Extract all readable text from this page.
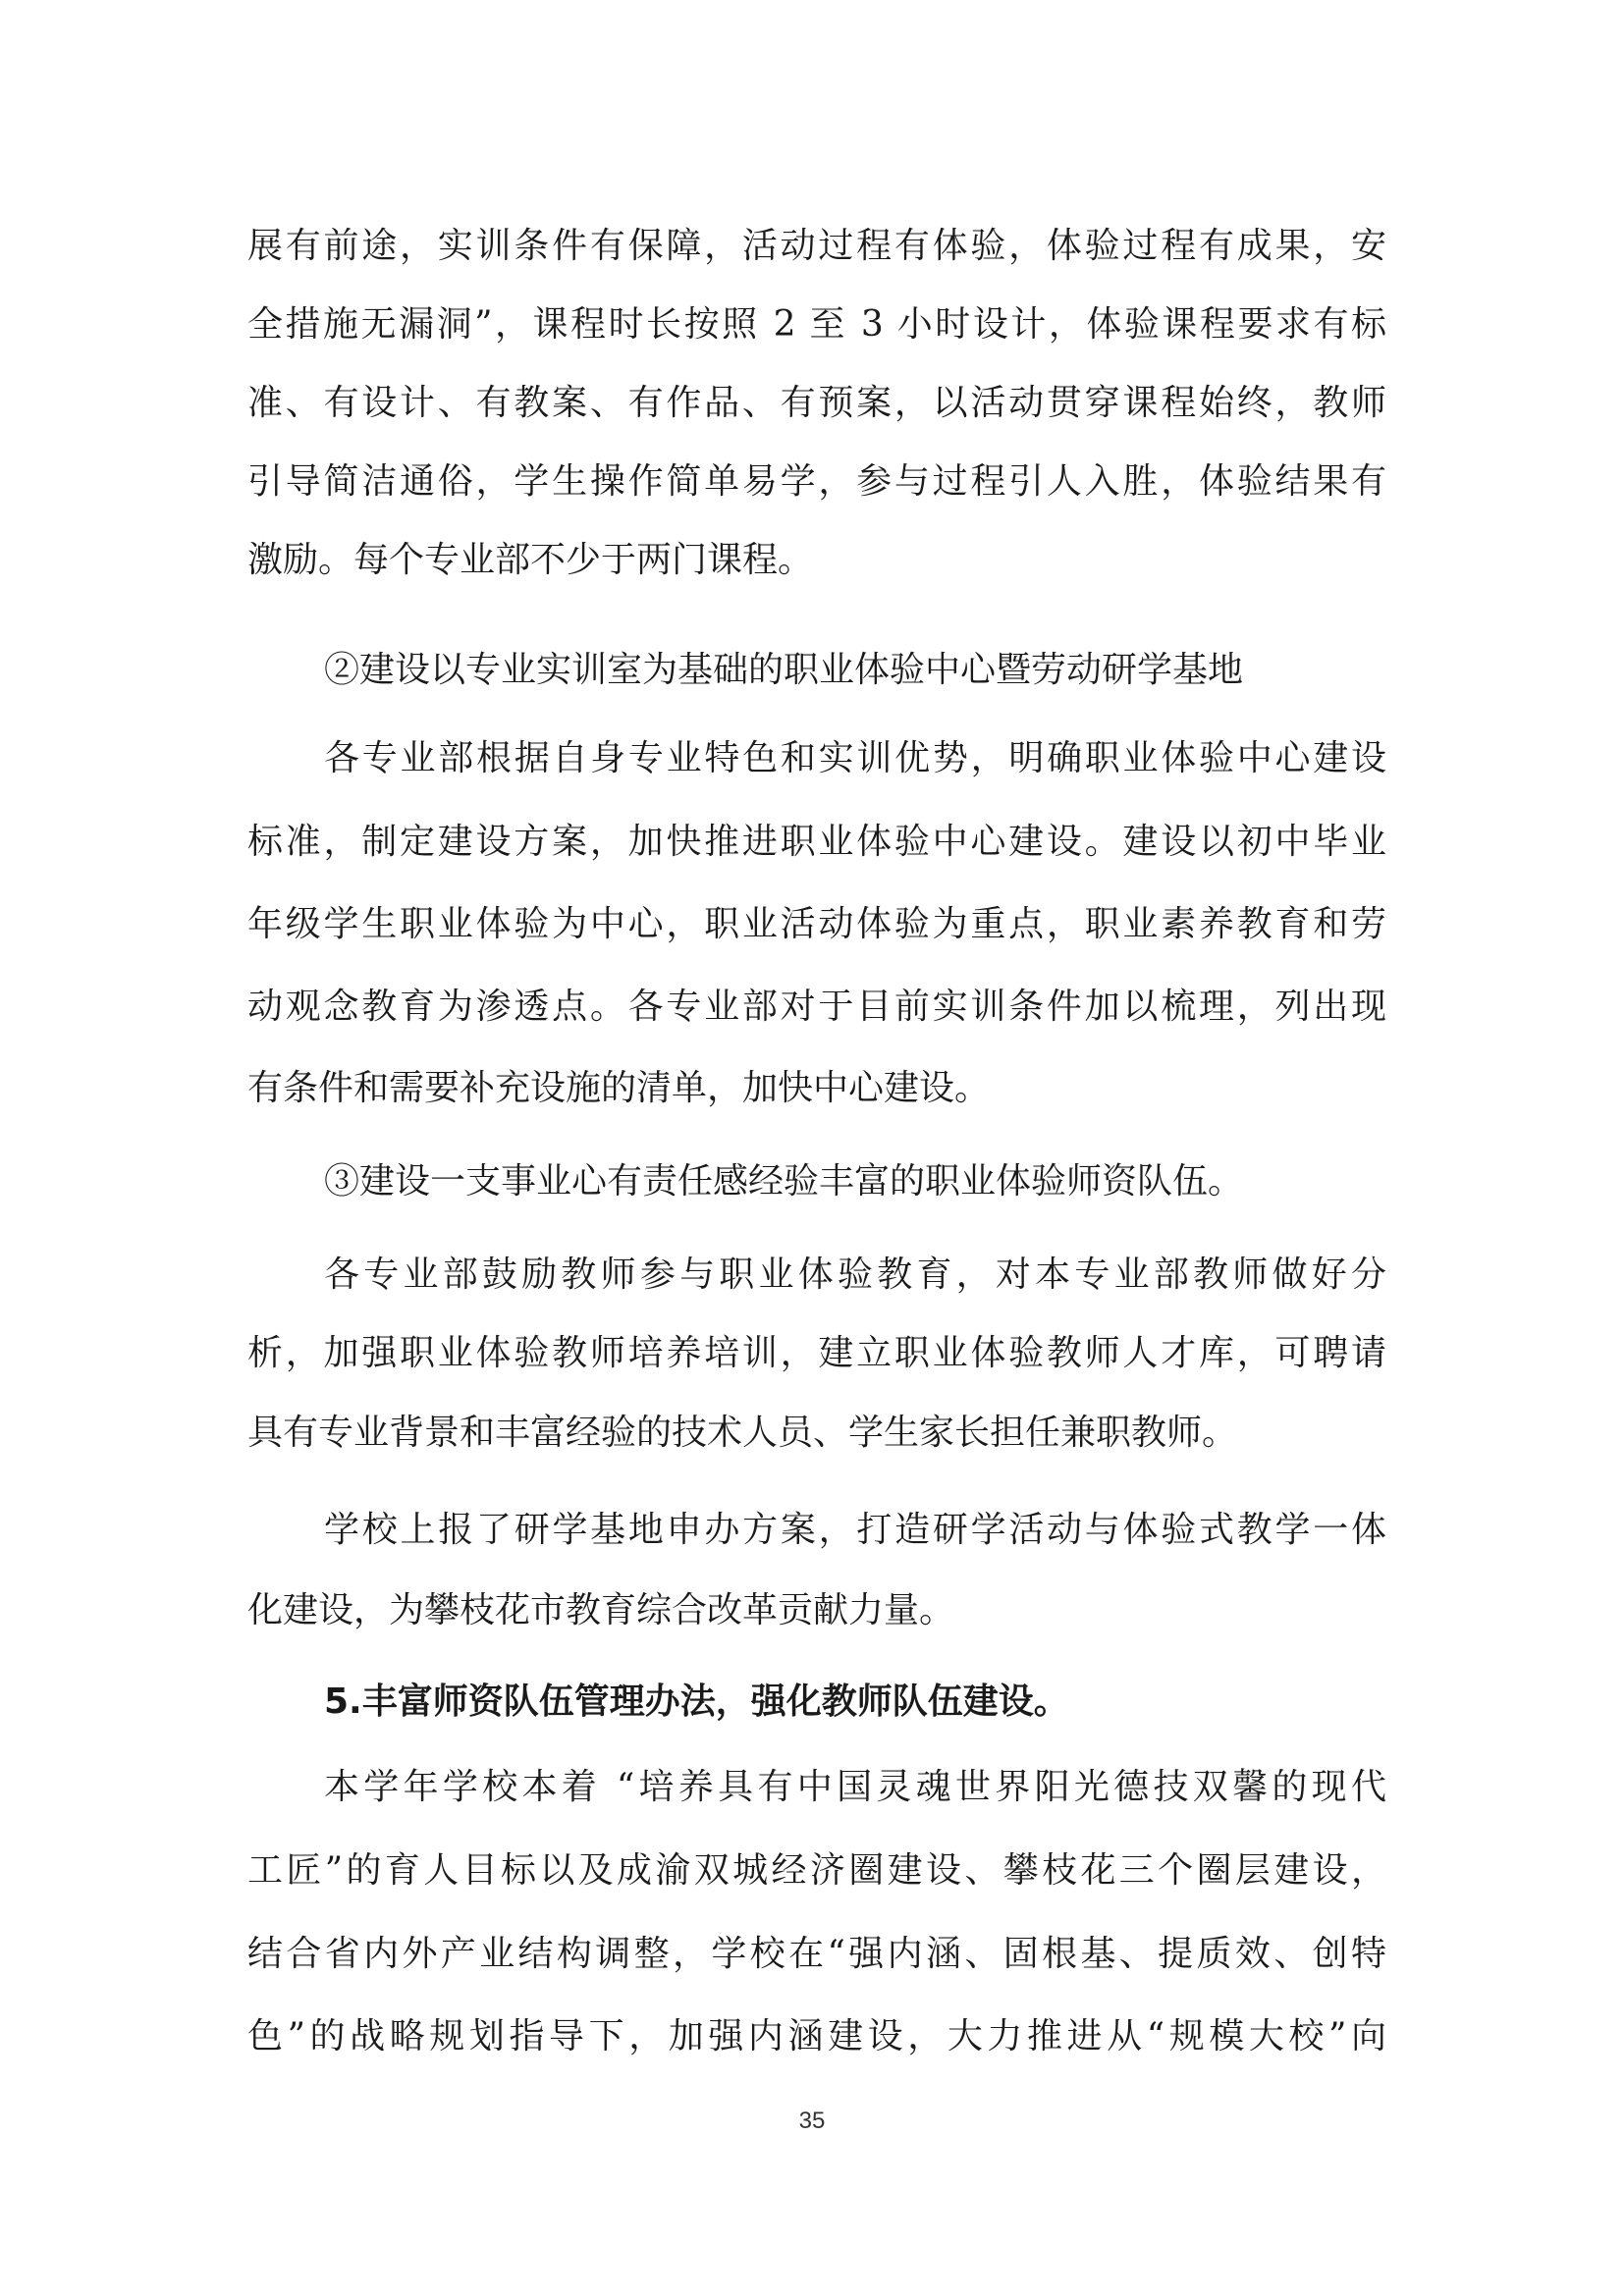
展有前途，实训条件有保障，活动过程有体验，体验过程有成果，安
全措施无漏洞”，课程时长按照 2 至 3 小时设计，体验课程要求有标
准、有设计、有教案、有作品、有预案，以活动贯穿课程始终，教师
引导简洁通俗，学生操作简单易学，参与过程引人入胜，体验结果有
激励。每个专业部不少于两门课程。
②建设以专业实训室为基础的职业体验中心暨劳动研学基地
各专业部根据自身专业特色和实训优势，明确职业体验中心建设
标准，制定建设方案，加快推进职业体验中心建设。建设以初中毕业
年级学生职业体验为中心，职业活动体验为重点，职业素养教育和劳
动观念教育为渗透点。各专业部对于目前实训条件加以梳理，列出现
有条件和需要补充设施的清单，加快中心建设。
③建设一支事业心有责任感经验丰富的职业体验师资队伍。
各专业部鼓励教师参与职业体验教育，对本专业部教师做好分
析，加强职业体验教师培养培训，建立职业体验教师人才库，可聘请
具有专业背景和丰富经验的技术人员、学生家长担任兼职教师。
学校上报了研学基地申办方案，打造研学活动与体验式教学一体
化建设，为攀枝花市教育综合改革贡献力量。
5.丰富师资队伍管理办法，强化教师队伍建设。
本学年学校本着 “培养具有中国灵魂世界阳光德技双馨的现代
工匠”的育人目标以及成渝双城经济圈建设、攀枝花三个圈层建设，
结合省内外产业结构调整，学校在“强内涵、固根基、提质效、创特
色”的战略规划指导下，加强内涵建设，大力推进从“规模大校”向
35
